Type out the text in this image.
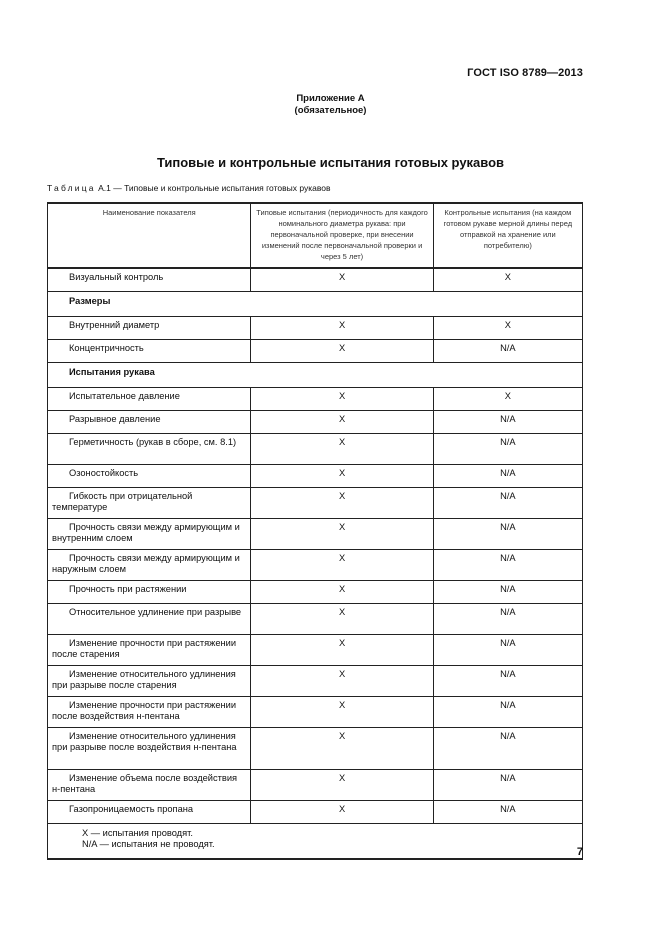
ГОСТ ISO 8789—2013
Приложение А
(обязательное)
Типовые и контрольные испытания готовых рукавов
Таблица А.1 — Типовые и контрольные испытания готовых рукавов
Наименование показателя	Типовые испытания (периодичность для каждого номинального диаметра рукава: при первоначальной проверке, при внесении изменений после первоначальной проверки и через 5 лет)	Контрольные испытания (на каждом готовом рукаве мерной длины перед отправкой на хранение или потребителю)
Визуальный контроль	X	X
Размеры		
Внутренний диаметр	X	X
Концентричность	X	N/A
Испытания рукава		
Испытательное давление	X	X
Разрывное давление	X	N/A
Герметичность (рукав в сборе, см. 8.1)	X	N/A
Озоностойкость	X	N/A
Гибкость при отрицательной температуре	X	N/A
Прочность связи между армирующим и внутренним слоем	X	N/A
Прочность связи между армирующим и наружным слоем	X	N/A
Прочность при растяжении	X	N/A
Относительное удлинение при разрыве	X	N/A
Изменение прочности при растяжении после старения	X	N/A
Изменение относительного удлинения при разрыве после старения	X	N/A
Изменение прочности при растяжении после воздействия н-пентана	X	N/A
Изменение относительного удлинения при разрыве после воздействия н-пентана	X	N/A
Изменение объема после воздействия н-пентана	X	N/A
Газопроницаемость пропана	X	N/A

X — испытания проводят.
N/A — испытания не проводят.		
7
